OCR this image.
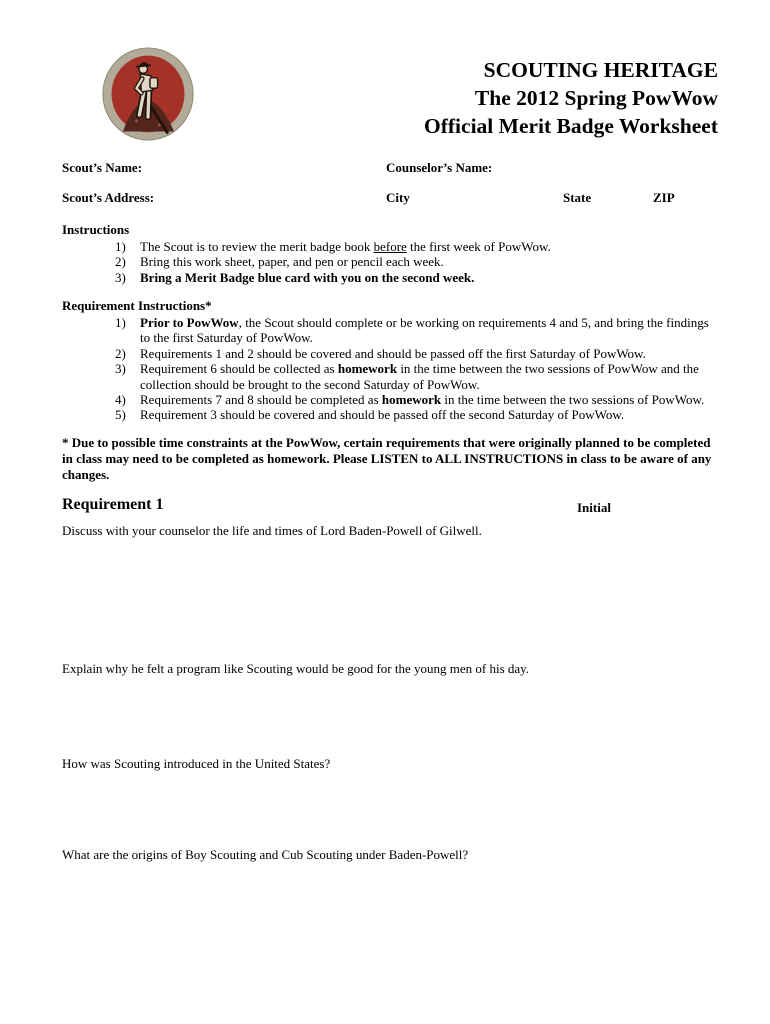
SCOUTING HERITAGE
The 2012 Spring PowWow
Official Merit Badge Worksheet
Scout’s Name:	Counselor’s Name:
Scout’s Address:	City	State	ZIP
Instructions
The Scout is to review the merit badge book before the first week of PowWow.
Bring this work sheet, paper, and pen or pencil each week.
Bring a Merit Badge blue card with you on the second week.
Requirement Instructions*
Prior to PowWow, the Scout should complete or be working on requirements 4 and 5, and bring the findings to the first Saturday of PowWow.
Requirements 1 and 2 should be covered and should be passed off the first Saturday of PowWow.
Requirement 6 should be collected as homework in the time between the two sessions of PowWow and the collection should be brought to the second Saturday of PowWow.
Requirements 7 and 8 should be completed as homework in the time between the two sessions of PowWow.
Requirement 3 should be covered and should be passed off the second Saturday of PowWow.
* Due to possible time constraints at the PowWow, certain requirements that were originally planned to be completed in class may need to be completed as homework. Please LISTEN to ALL INSTRUCTIONS in class to be aware of any changes.
Requirement 1	Initial
Discuss with your counselor the life and times of Lord Baden-Powell of Gilwell.
Explain why he felt a program like Scouting would be good for the young men of his day.
How was Scouting introduced in the United States?
What are the origins of Boy Scouting and Cub Scouting under Baden-Powell?
